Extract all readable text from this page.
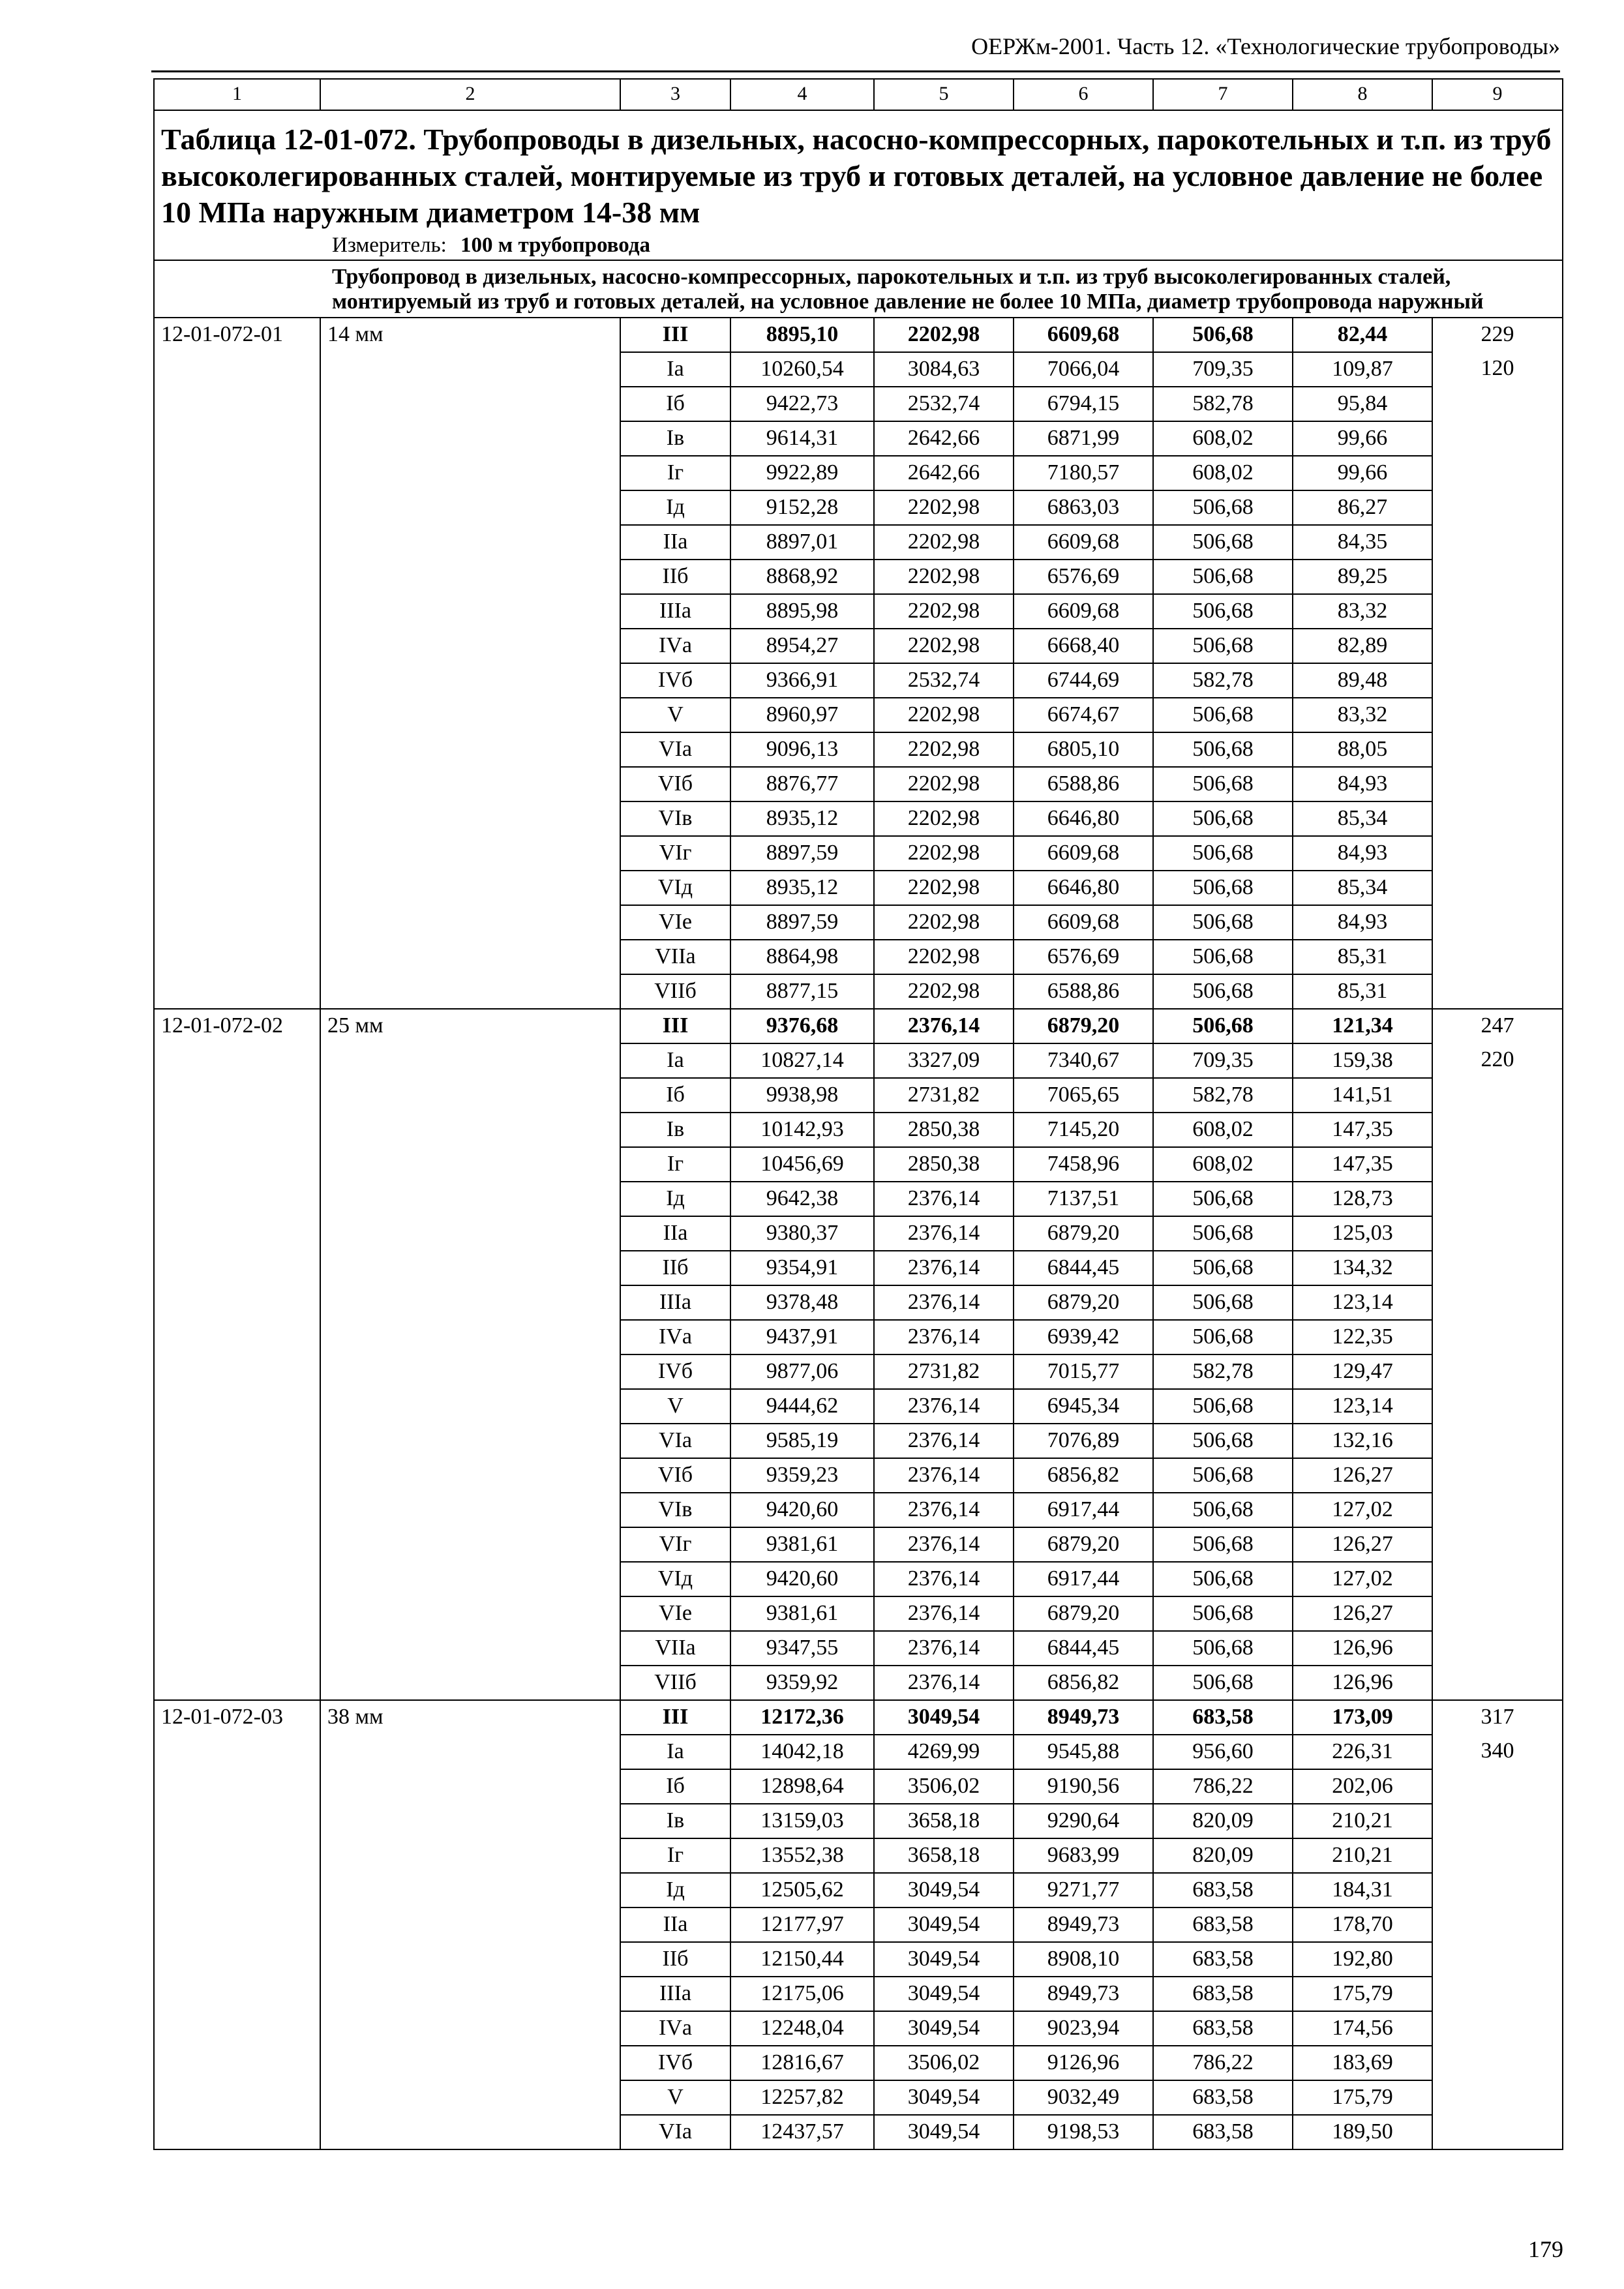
ОЕРЖм-2001. Часть 12. «Технологические трубопроводы»
1	2	3	4	5	6	7	8	9

Таблица 12-01-072. Трубопроводы в дизельных, насосно-компрессорных, парокотельных и т.п. из труб высоколегированных сталей, монтируемые из труб и готовых деталей, на условное давление не более 10 МПа наружным диаметром 14-38 мм
Измеритель: 100 м трубопровода								

Трубопровод в дизельных, насосно-компрессорных, парокотельных и т.п. из труб высоколегированных сталей, монтируемый из труб и готовых деталей, на условное давление не более 10 МПа, диаметр трубопровода наружный								

12-01-072-01	14 мм	III	8895,10	2202,98	6609,68	506,68	82,44	229
		Iа	10260,54	3084,63	7066,04	709,35	109,87	120
		Iб	9422,73	2532,74	6794,15	582,78	95,84	
		Iв	9614,31	2642,66	6871,99	608,02	99,66	
		Iг	9922,89	2642,66	7180,57	608,02	99,66	
		Iд	9152,28	2202,98	6863,03	506,68	86,27	
		IIа	8897,01	2202,98	6609,68	506,68	84,35	
		IIб	8868,92	2202,98	6576,69	506,68	89,25	
		IIIа	8895,98	2202,98	6609,68	506,68	83,32	
		IVа	8954,27	2202,98	6668,40	506,68	82,89	
		IVб	9366,91	2532,74	6744,69	582,78	89,48	
		V	8960,97	2202,98	6674,67	506,68	83,32	
		VIа	9096,13	2202,98	6805,10	506,68	88,05	
		VIб	8876,77	2202,98	6588,86	506,68	84,93	
		VIв	8935,12	2202,98	6646,80	506,68	85,34	
		VIг	8897,59	2202,98	6609,68	506,68	84,93	
		VIд	8935,12	2202,98	6646,80	506,68	85,34	
		VIе	8897,59	2202,98	6609,68	506,68	84,93	
		VIIа	8864,98	2202,98	6576,69	506,68	85,31	
		VIIб	8877,15	2202,98	6588,86	506,68	85,31	
12-01-072-02	25 мм	III	9376,68	2376,14	6879,20	506,68	121,34	247
		Iа	10827,14	3327,09	7340,67	709,35	159,38	220
		Iб	9938,98	2731,82	7065,65	582,78	141,51	
		Iв	10142,93	2850,38	7145,20	608,02	147,35	
		Iг	10456,69	2850,38	7458,96	608,02	147,35	
		Iд	9642,38	2376,14	7137,51	506,68	128,73	
		IIа	9380,37	2376,14	6879,20	506,68	125,03	
		IIб	9354,91	2376,14	6844,45	506,68	134,32	
		IIIа	9378,48	2376,14	6879,20	506,68	123,14	
		IVа	9437,91	2376,14	6939,42	506,68	122,35	
		IVб	9877,06	2731,82	7015,77	582,78	129,47	
		V	9444,62	2376,14	6945,34	506,68	123,14	
		VIа	9585,19	2376,14	7076,89	506,68	132,16	
		VIб	9359,23	2376,14	6856,82	506,68	126,27	
		VIв	9420,60	2376,14	6917,44	506,68	127,02	
		VIг	9381,61	2376,14	6879,20	506,68	126,27	
		VIд	9420,60	2376,14	6917,44	506,68	127,02	
		VIе	9381,61	2376,14	6879,20	506,68	126,27	
		VIIа	9347,55	2376,14	6844,45	506,68	126,96	
		VIIб	9359,92	2376,14	6856,82	506,68	126,96	
12-01-072-03	38 мм	III	12172,36	3049,54	8949,73	683,58	173,09	317
		Iа	14042,18	4269,99	9545,88	956,60	226,31	340
		Iб	12898,64	3506,02	9190,56	786,22	202,06	
		Iв	13159,03	3658,18	9290,64	820,09	210,21	
		Iг	13552,38	3658,18	9683,99	820,09	210,21	
		Iд	12505,62	3049,54	9271,77	683,58	184,31	
		IIа	12177,97	3049,54	8949,73	683,58	178,70	
		IIб	12150,44	3049,54	8908,10	683,58	192,80	
		IIIа	12175,06	3049,54	8949,73	683,58	175,79	
		IVа	12248,04	3049,54	9023,94	683,58	174,56	
		IVб	12816,67	3506,02	9126,96	786,22	183,69	
		V	12257,82	3049,54	9032,49	683,58	175,79	
		VIа	12437,57	3049,54	9198,53	683,58	189,50	
179
